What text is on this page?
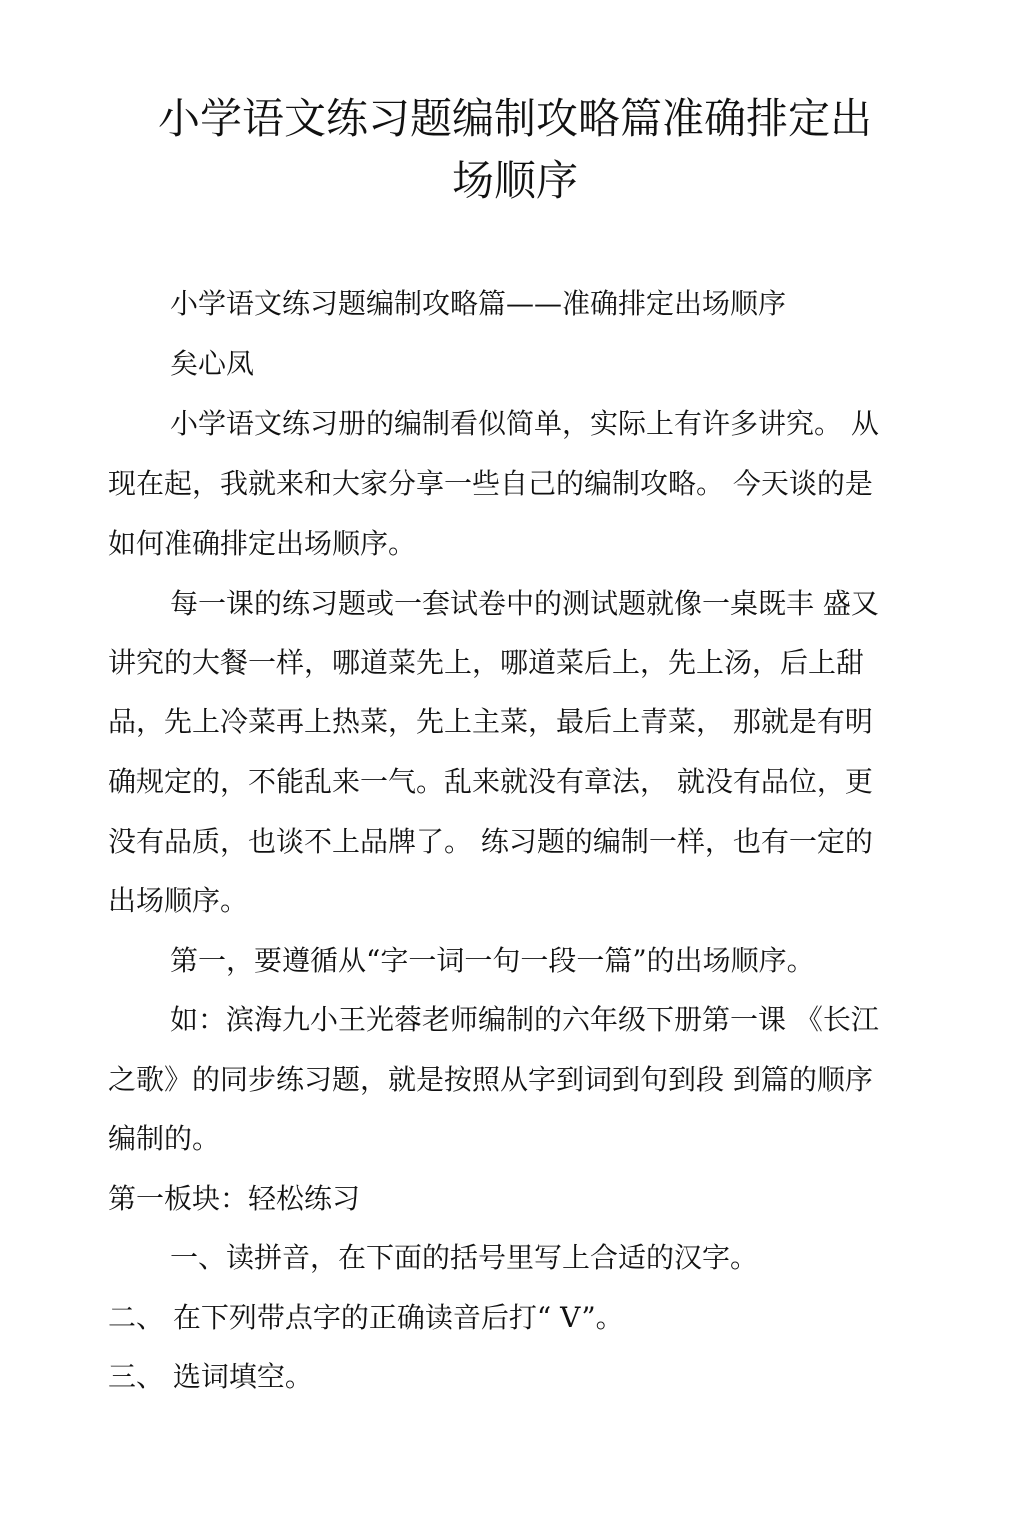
小学语文练习题编制攻略篇准确排定出
场顺序

小学语文练习题编制攻略篇——准确排定出场顺序

矣心凤

小学语文练习册的编制看似简单，实际上有许多讲究。 从

现在起，我就来和大家分享一些自己的编制攻略。 今天谈的是

如何准确排定出场顺序。

每一课的练习题或一套试卷中的测试题就像一桌既丰 盛又

讲究的大餐一样，哪道菜先上，哪道菜后上，先上汤，后上甜

品，先上冷菜再上热菜，先上主菜，最后上青菜， 那就是有明

确规定的，不能乱来一气。乱来就没有章法， 就没有品位，更

没有品质，也谈不上品牌了。 练习题的编制一样，也有一定的

出场顺序。

第一，要遵循从“字一词一句一段一篇”的出场顺序。

如：滨海九小王光蓉老师编制的六年级下册第一课 《长江

之歌》的同步练习题，就是按照从字到词到句到段 到篇的顺序

编制的。

第一板块：轻松练习

一、读拼音，在下面的括号里写上合适的汉字。

二、 在下列带点字的正确读音后打“ V”。

三、 选词填空。
